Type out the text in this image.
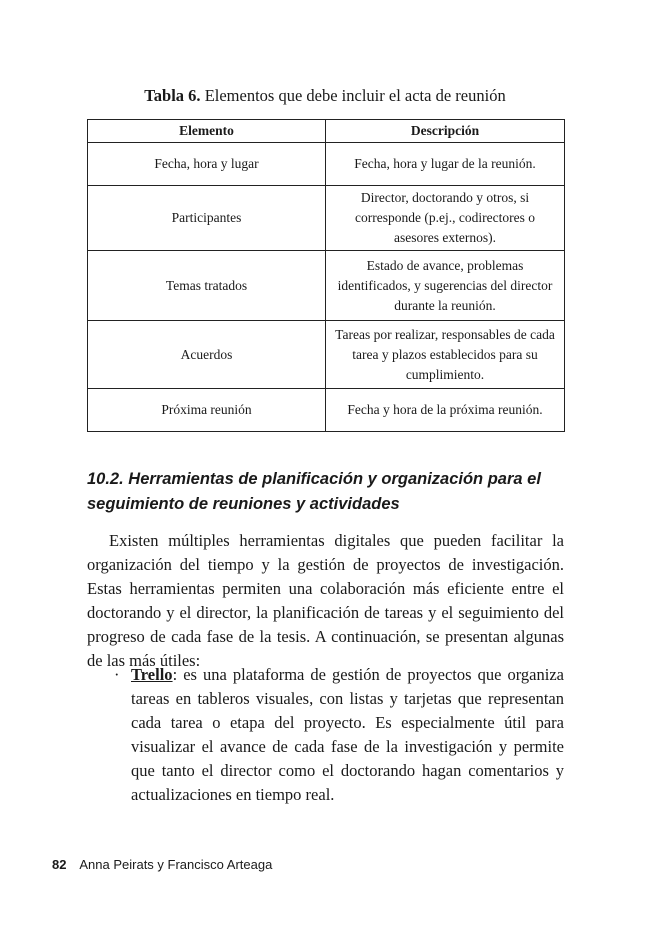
Tabla 6. Elementos que debe incluir el acta de reunión
Elemento	Descripción
Fecha, hora y lugar	Fecha, hora y lugar de la reunión.
Participantes	Director, doctorando y otros, si corresponde (p.ej., codirectores o asesores externos).
Temas tratados	Estado de avance, problemas identificados, y sugerencias del director durante la reunión.
Acuerdos	Tareas por realizar, responsables de cada tarea y plazos establecidos para su cumplimiento.
Próxima reunión	Fecha y hora de la próxima reunión.
10.2. Herramientas de planificación y organización para el seguimiento de reuniones y actividades

Existen múltiples herramientas digitales que pueden facilitar la organización del tiempo y la gestión de proyectos de investigación. Estas herramientas permiten una colaboración más eficiente entre el doctorando y el director, la planificación de tareas y el seguimiento del progreso de cada fase de la tesis. A continuación, se presentan algunas de las más útiles:

· Trello: es una plataforma de gestión de proyectos que organiza tareas en tableros visuales, con listas y tarjetas que representan cada tarea o etapa del proyecto. Es especialmente útil para visualizar el avance de cada fase de la investigación y permite que tanto el director como el doctorando hagan comentarios y actualizaciones en tiempo real.

82 Anna Peirats y Francisco Arteaga
